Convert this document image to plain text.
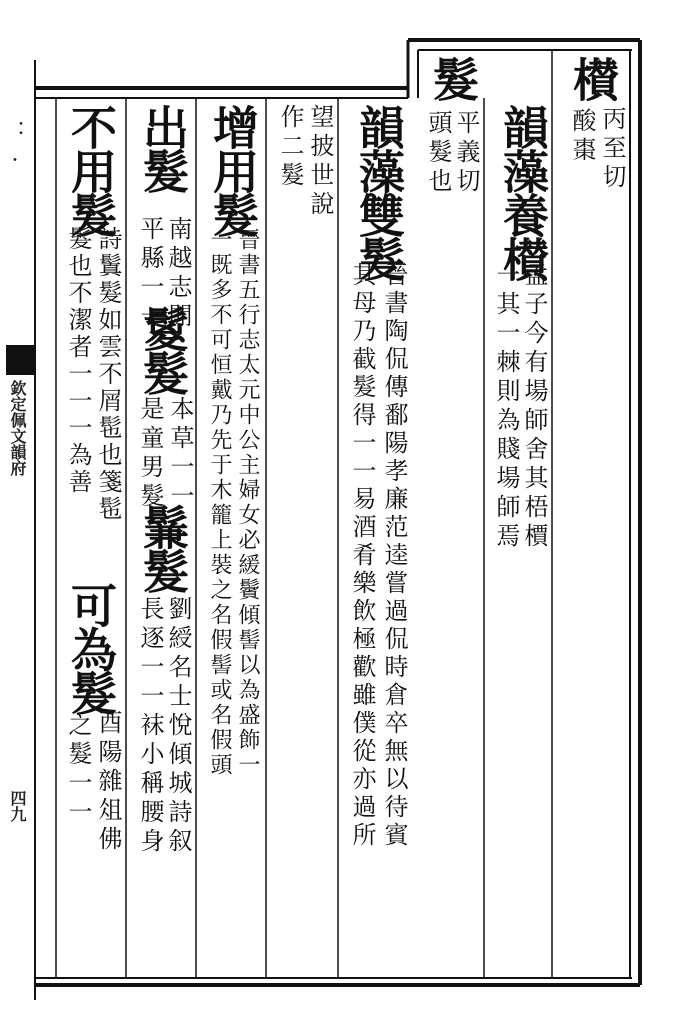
：·
欽定佩文韻府
四九
櫕
丙至切
酸棗
韻藻養櫕
孟子今有場師舍其梧檟
一其一棘則為賤場師焉
髮
平義切
頭髮也
韻藻雙髮
晉書陶侃傳鄱陽孝廉范逵嘗過侃時倉卒無以待賓
其母乃截髮得一一易酒肴樂飲極歡雖僕從亦過所
望披世說
作二髮
增用髮
晉書五行志太元中公主婦女必緩鬢傾髻以為盛飾一
一既多不可恒戴乃先于木籠上裝之名假髻或名假頭
出髮
南越志開
平縣一一
鬉髮
本草一一
是童男髮
鬑髮
劉綬名士悅傾城詩叙
長逐一一袜小稱腰身
不用髮
詩鬒髮如雲不屑髢也箋髢
髮也不潔者一一一為善
可為髮
酉陽雜俎佛
之髮一一
